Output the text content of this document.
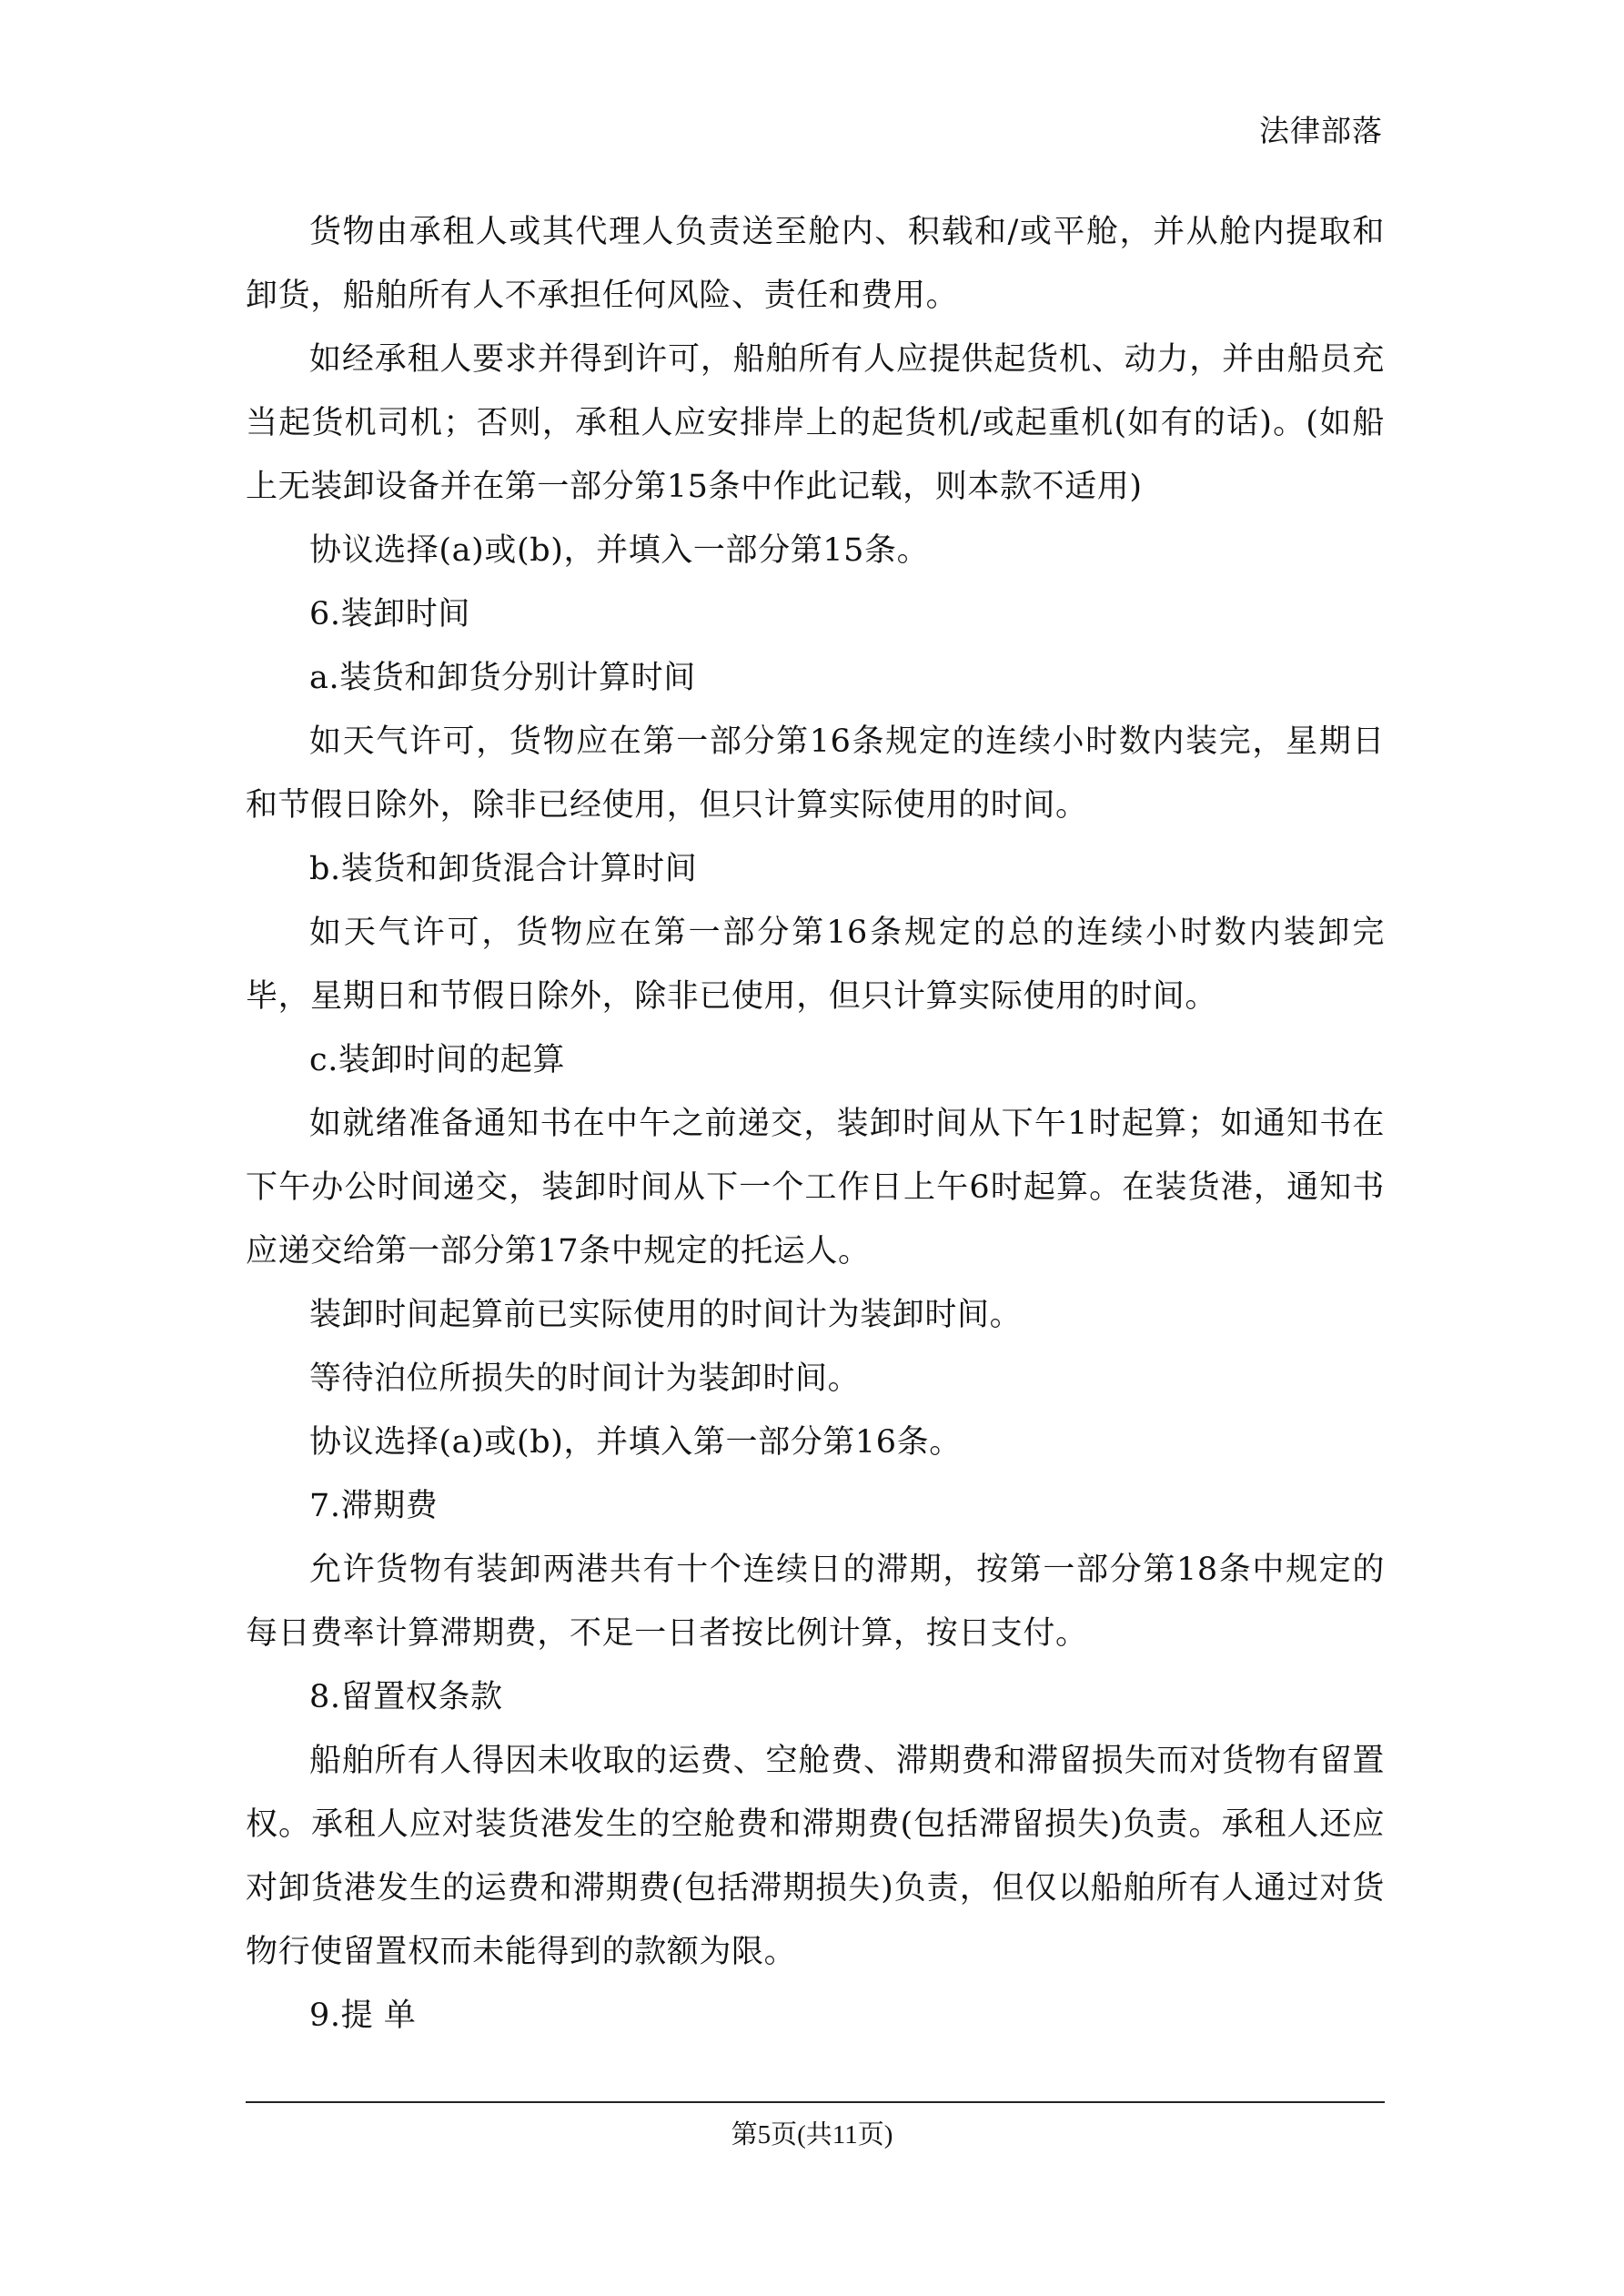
法律部落

货物由承租人或其代理人负责送至舱内、积载和/或平舱，并从舱内提取和卸货，船舶所有人不承担任何风险、责任和费用。

如经承租人要求并得到许可，船舶所有人应提供起货机、动力，并由船员充当起货机司机；否则，承租人应安排岸上的起货机/或起重机(如有的话)。(如船上无装卸设备并在第一部分第15条中作此记载，则本款不适用)

协议选择(a)或(b)，并填入一部分第15条。

6.装卸时间

a.装货和卸货分别计算时间

如天气许可，货物应在第一部分第16条规定的连续小时数内装完，星期日和节假日除外，除非已经使用，但只计算实际使用的时间。

b.装货和卸货混合计算时间

如天气许可，货物应在第一部分第16条规定的总的连续小时数内装卸完毕，星期日和节假日除外，除非已使用，但只计算实际使用的时间。

c.装卸时间的起算

如就绪准备通知书在中午之前递交，装卸时间从下午1时起算；如通知书在下午办公时间递交，装卸时间从下一个工作日上午6时起算。在装货港，通知书应递交给第一部分第17条中规定的托运人。

装卸时间起算前已实际使用的时间计为装卸时间。

等待泊位所损失的时间计为装卸时间。

协议选择(a)或(b)，并填入第一部分第16条。

7.滞期费

允许货物有装卸两港共有十个连续日的滞期，按第一部分第18条中规定的每日费率计算滞期费，不足一日者按比例计算，按日支付。

8.留置权条款

船舶所有人得因未收取的运费、空舱费、滞期费和滞留损失而对货物有留置权。承租人应对装货港发生的空舱费和滞期费(包括滞留损失)负责。承租人还应对卸货港发生的运费和滞期费(包括滞期损失)负责，但仅以船舶所有人通过对货物行使留置权而未能得到的款额为限。

9.提 单

第5页(共11页)
